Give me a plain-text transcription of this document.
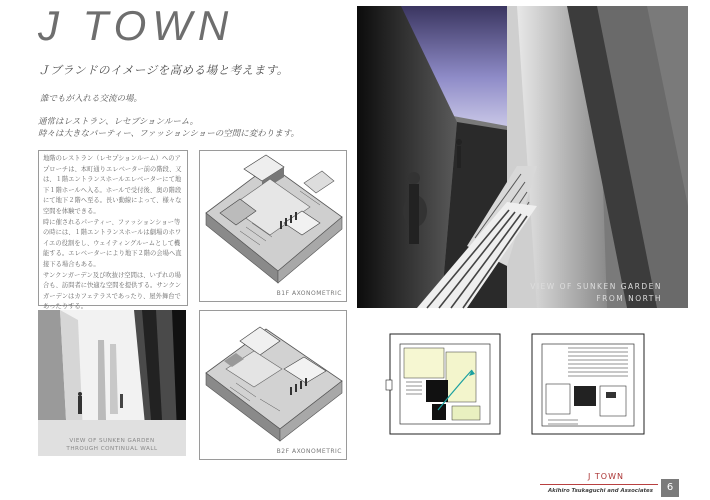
J TOWN
Ｊブランドのイメージを高める場と考えます。
誰でもが入れる交流の場。
通常はレストラン、レセプションルーム。
時々は大きなパーティー、ファッションショーの空間に変わります。

地階のレストラン（レセプションルーム）へのアプローチは、本町通りエレベーター前の階段、又は、１階エントランスホールエレベーターにて地下１階ホールへ入る。ホールで受付後、奥の階段にて地下２階へ至る。長い動線によって、様々な空間を体験できる。

時に催されるパーティー、ファッションショー等の時には、１階エントランスホールは劇場のホワイエの役割をし、ウェイティングルームとして機能する。エレベーターにより地下２階の会場へ直接下る場合もある。

サンクンガーデン及び吹抜け空間は、いずれの場合も、訪問者に快適な空間を提供する。サンクンガーデンはカフェテラスであったり、屋外舞台であったりする。

B1F AXONOMETRIC
B2F AXONOMETRIC
VIEW OF SUNKEN GARDEN
FROM NORTH
VIEW OF SUNKEN GARDEN
THROUGH CONTINUAL WALL
J TOWN
Akihiro Tsukaguchi and Associates	6
